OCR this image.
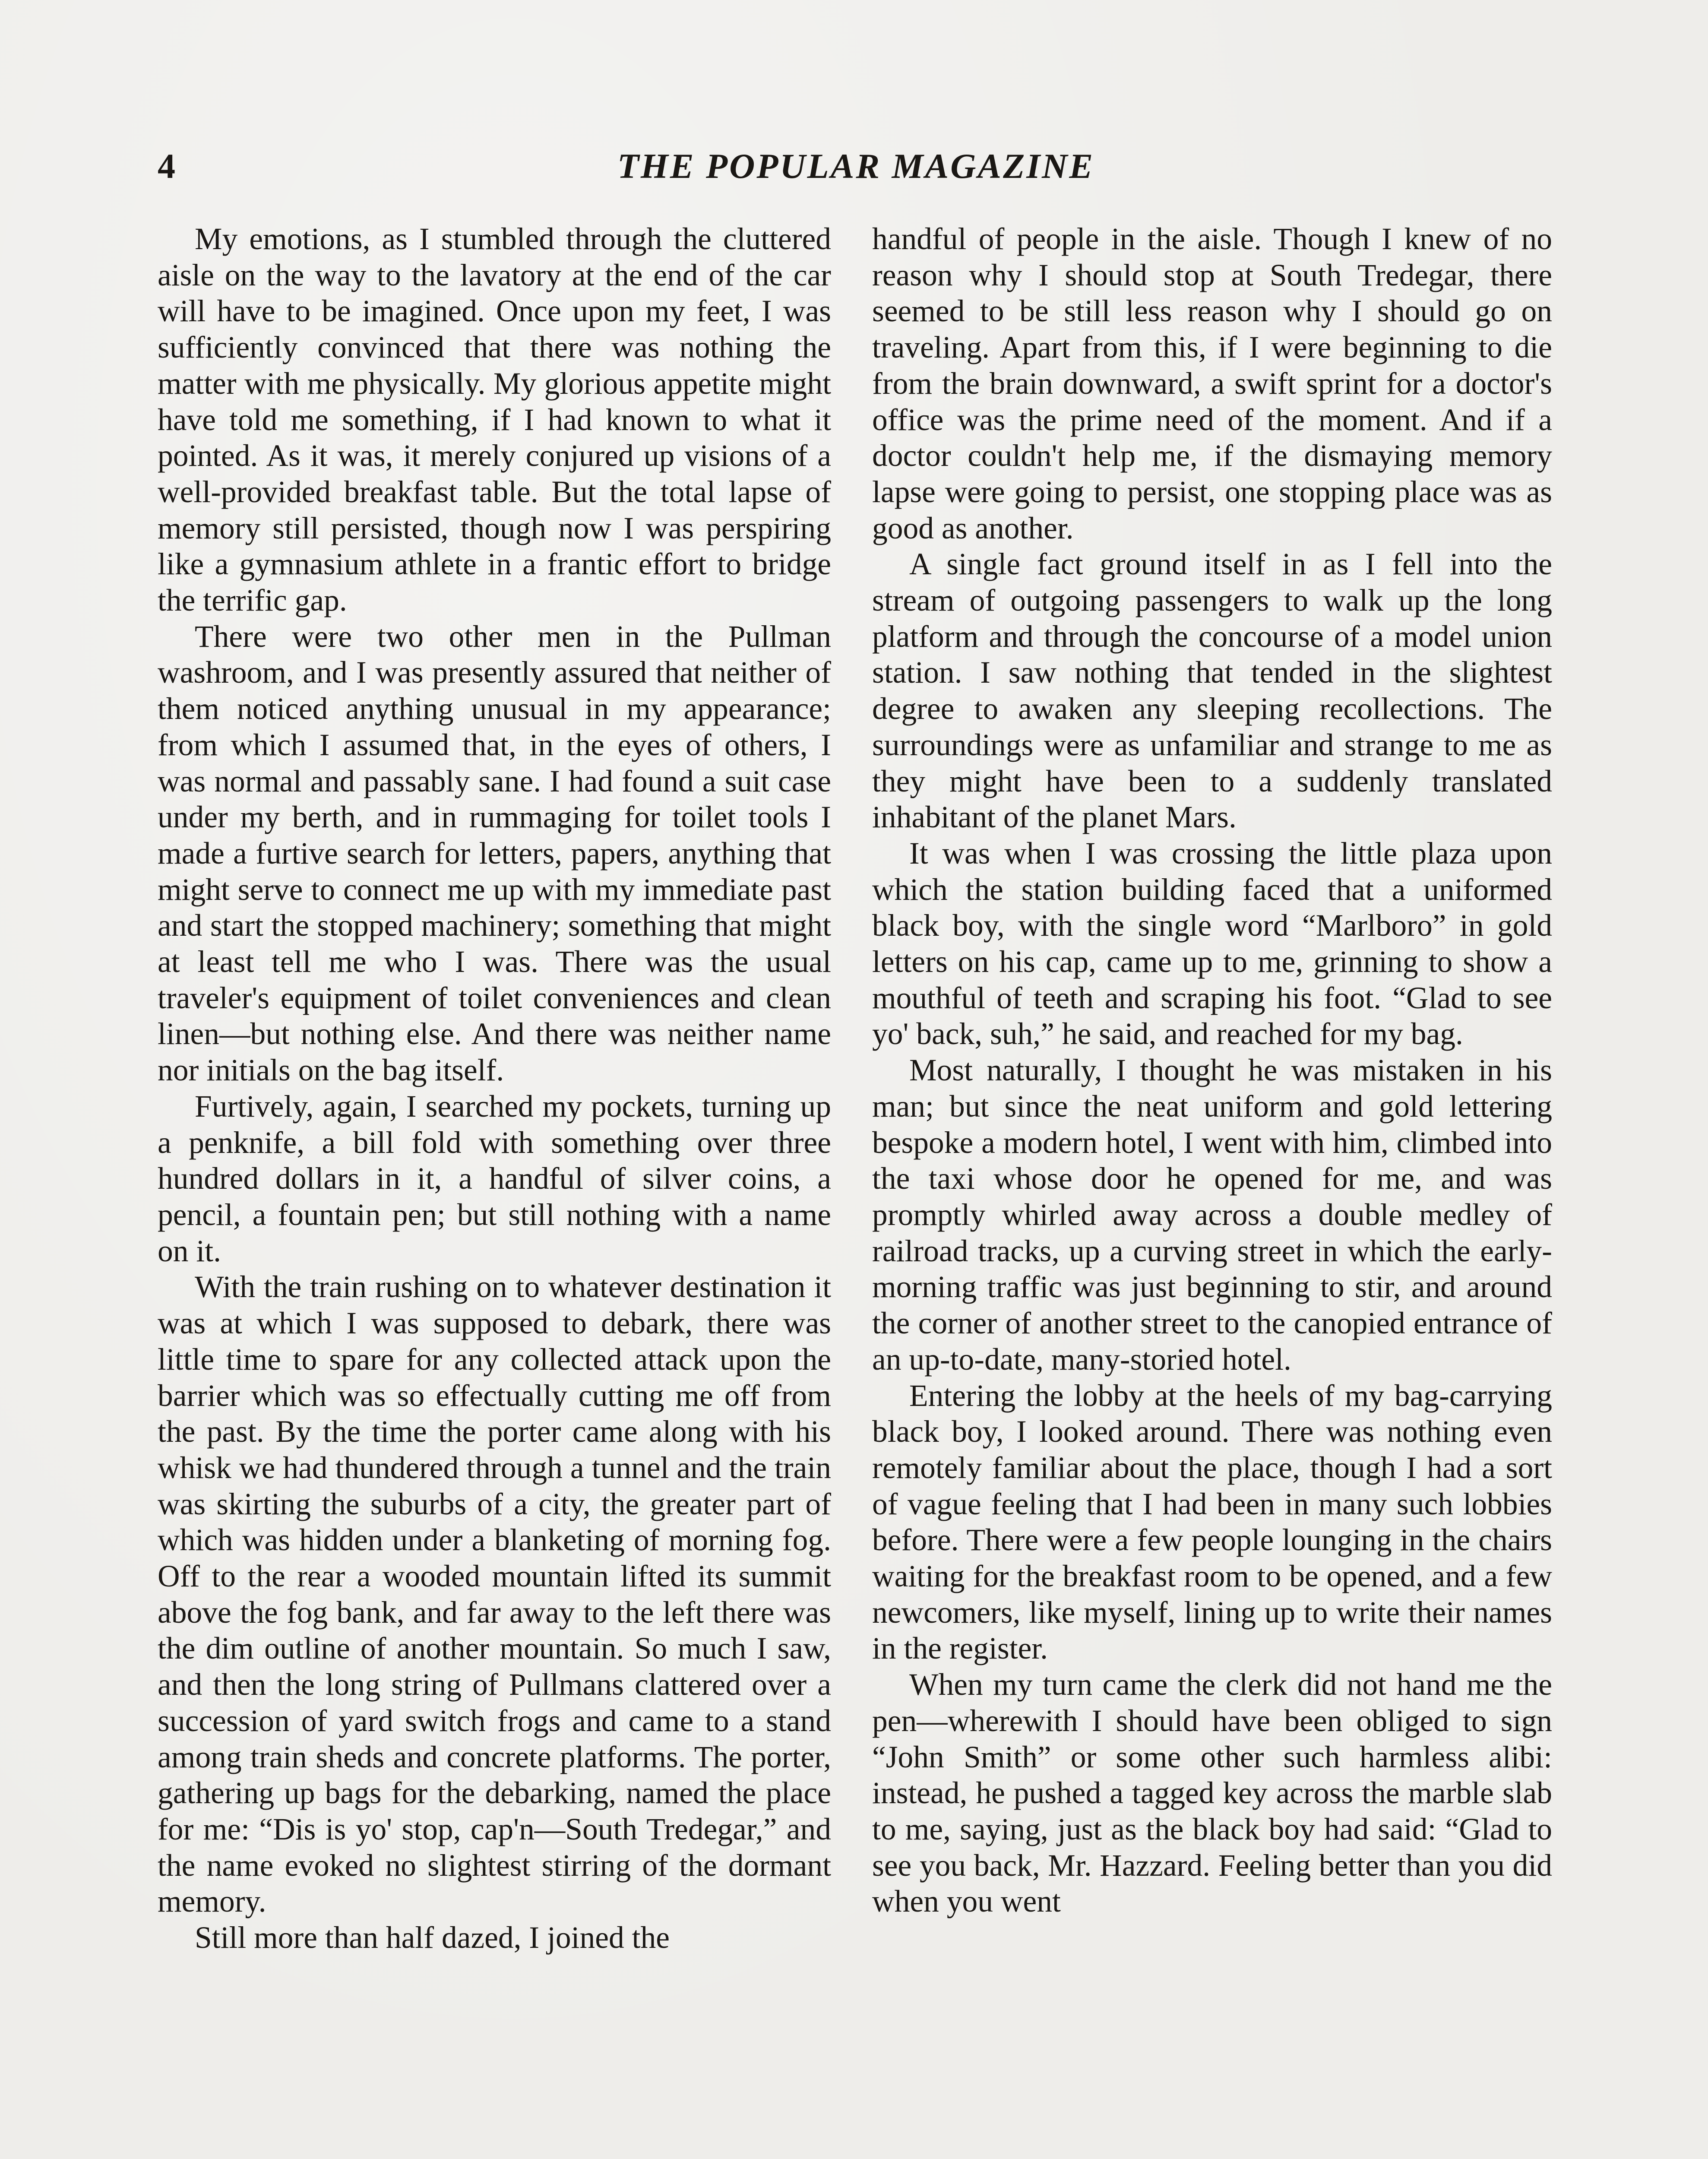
4	THE POPULAR MAGAZINE

My emotions, as I stumbled through the cluttered aisle on the way to the lavatory at the end of the car will have to be imagined. Once upon my feet, I was sufficiently convinced that there was nothing the matter with me physically. My glorious appetite might have told me something, if I had known to what it pointed. As it was, it merely conjured up visions of a well-provided breakfast table. But the total lapse of memory still persisted, though now I was perspiring like a gymnasium athlete in a frantic effort to bridge the terrific gap.

There were two other men in the Pullman washroom, and I was presently assured that neither of them noticed anything unusual in my appearance; from which I assumed that, in the eyes of others, I was normal and passably sane. I had found a suit case under my berth, and in rummaging for toilet tools I made a furtive search for letters, papers, anything that might serve to connect me up with my immediate past and start the stopped machinery; something that might at least tell me who I was. There was the usual traveler's equipment of toilet conveniences and clean linen—but nothing else. And there was neither name nor initials on the bag itself.

Furtively, again, I searched my pockets, turning up a penknife, a bill fold with something over three hundred dollars in it, a handful of silver coins, a pencil, a fountain pen; but still nothing with a name on it.

With the train rushing on to whatever destination it was at which I was supposed to debark, there was little time to spare for any collected attack upon the barrier which was so effectually cutting me off from the past. By the time the porter came along with his whisk we had thundered through a tunnel and the train was skirting the suburbs of a city, the greater part of which was hidden under a blanketing of morning fog. Off to the rear a wooded mountain lifted its summit above the fog bank, and far away to the left there was the dim outline of another mountain. So much I saw, and then the long string of Pullmans clattered over a succession of yard switch frogs and came to a stand among train sheds and concrete platforms. The porter, gathering up bags for the debarking, named the place for me: “Dis is yo' stop, cap'n—South Tredegar,” and the name evoked no slightest stirring of the dormant memory.

Still more than half dazed, I joined the

handful of people in the aisle. Though I knew of no reason why I should stop at South Tredegar, there seemed to be still less reason why I should go on traveling. Apart from this, if I were beginning to die from the brain downward, a swift sprint for a doctor's office was the prime need of the moment. And if a doctor couldn't help me, if the dismaying memory lapse were going to persist, one stopping place was as good as another.

A single fact ground itself in as I fell into the stream of outgoing passengers to walk up the long platform and through the concourse of a model union station. I saw nothing that tended in the slightest degree to awaken any sleeping recollections. The surroundings were as unfamiliar and strange to me as they might have been to a suddenly translated inhabitant of the planet Mars.

It was when I was crossing the little plaza upon which the station building faced that a uniformed black boy, with the single word “Marlboro” in gold letters on his cap, came up to me, grinning to show a mouthful of teeth and scraping his foot. “Glad to see yo' back, suh,” he said, and reached for my bag.

Most naturally, I thought he was mistaken in his man; but since the neat uniform and gold lettering bespoke a modern hotel, I went with him, climbed into the taxi whose door he opened for me, and was promptly whirled away across a double medley of railroad tracks, up a curving street in which the early-morning traffic was just beginning to stir, and around the corner of another street to the canopied entrance of an up-to-date, many-storied hotel.

Entering the lobby at the heels of my bag-carrying black boy, I looked around. There was nothing even remotely familiar about the place, though I had a sort of vague feeling that I had been in many such lobbies before. There were a few people lounging in the chairs waiting for the breakfast room to be opened, and a few newcomers, like myself, lining up to write their names in the register.

When my turn came the clerk did not hand me the pen—wherewith I should have been obliged to sign “John Smith” or some other such harmless alibi: instead, he pushed a tagged key across the marble slab to me, saying, just as the black boy had said: “Glad to see you back, Mr. Hazzard. Feeling better than you did when you went
